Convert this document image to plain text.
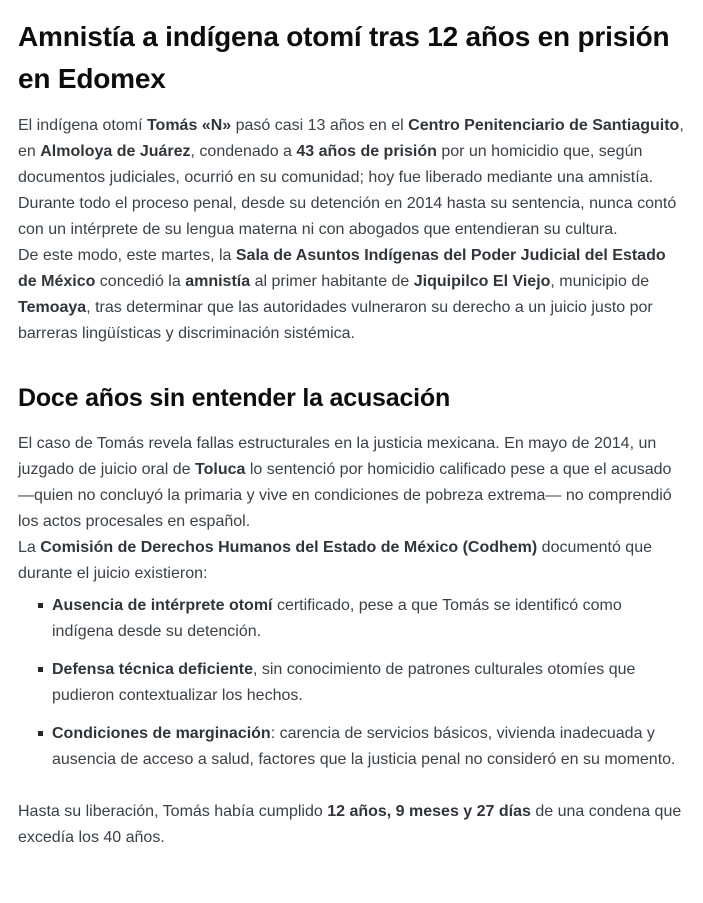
Amnistía a indígena otomí tras 12 años en prisión en Edomex

El indígena otomí Tomás «N» pasó casi 13 años en el Centro Penitenciario de Santiaguito, en Almoloya de Juárez, condenado a 43 años de prisión por un homicidio que, según documentos judiciales, ocurrió en su comunidad; hoy fue liberado mediante una amnistía. Durante todo el proceso penal, desde su detención en 2014 hasta su sentencia, nunca contó con un intérprete de su lengua materna ni con abogados que entendieran su cultura.

De este modo, este martes, la Sala de Asuntos Indígenas del Poder Judicial del Estado de México concedió la amnistía al primer habitante de Jiquipilco El Viejo, municipio de Temoaya, tras determinar que las autoridades vulneraron su derecho a un juicio justo por barreras lingüísticas y discriminación sistémica.

Doce años sin entender la acusación

El caso de Tomás revela fallas estructurales en la justicia mexicana. En mayo de 2014, un juzgado de juicio oral de Toluca lo sentenció por homicidio calificado pese a que el acusado —quien no concluyó la primaria y vive en condiciones de pobreza extrema— no comprendió los actos procesales en español.

La Comisión de Derechos Humanos del Estado de México (Codhem) documentó que durante el juicio existieron:

Ausencia de intérprete otomí certificado, pese a que Tomás se identificó como indígena desde su detención.
Defensa técnica deficiente, sin conocimiento de patrones culturales otomíes que pudieron contextualizar los hechos.
Condiciones de marginación: carencia de servicios básicos, vivienda inadecuada y ausencia de acceso a salud, factores que la justicia penal no consideró en su momento.

Hasta su liberación, Tomás había cumplido 12 años, 9 meses y 27 días de una condena que excedía los 40 años.
